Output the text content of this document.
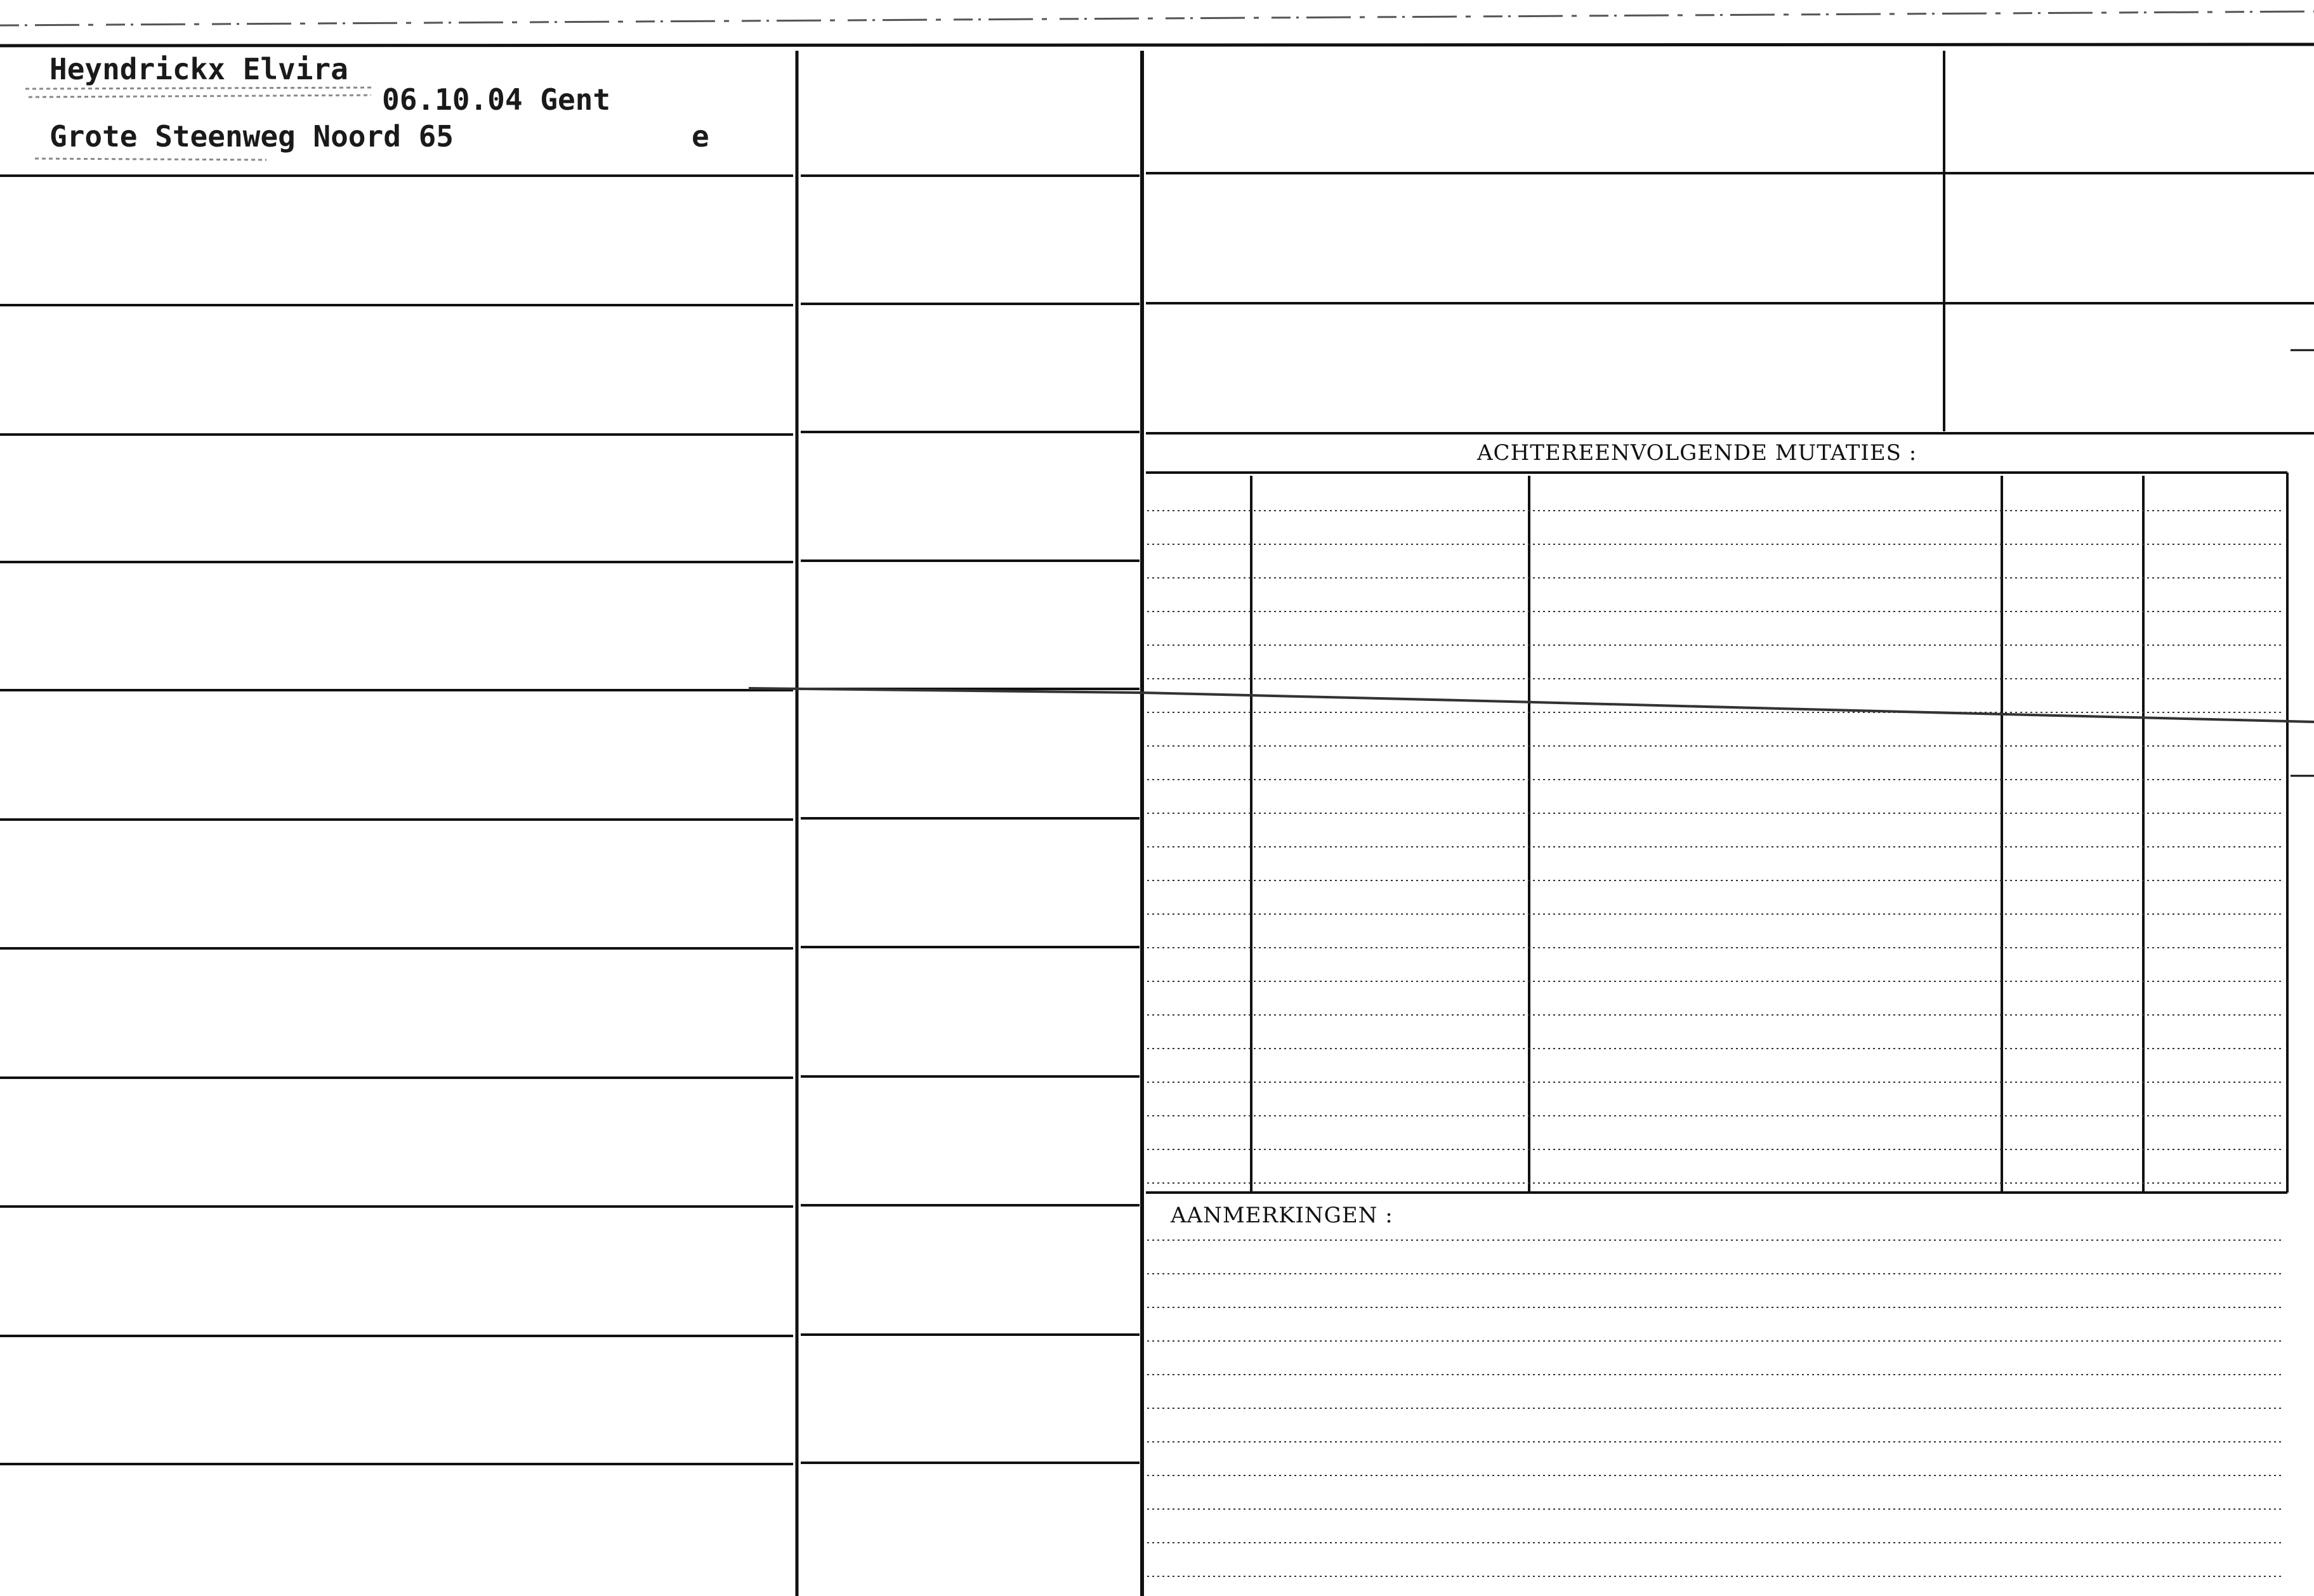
Heyndrickx Elvira

06.10.04 Gent

Grote Steenweg Noord 65	e

ACHTEREENVOLGENDE MUTATIES :

AANMERKINGEN :
